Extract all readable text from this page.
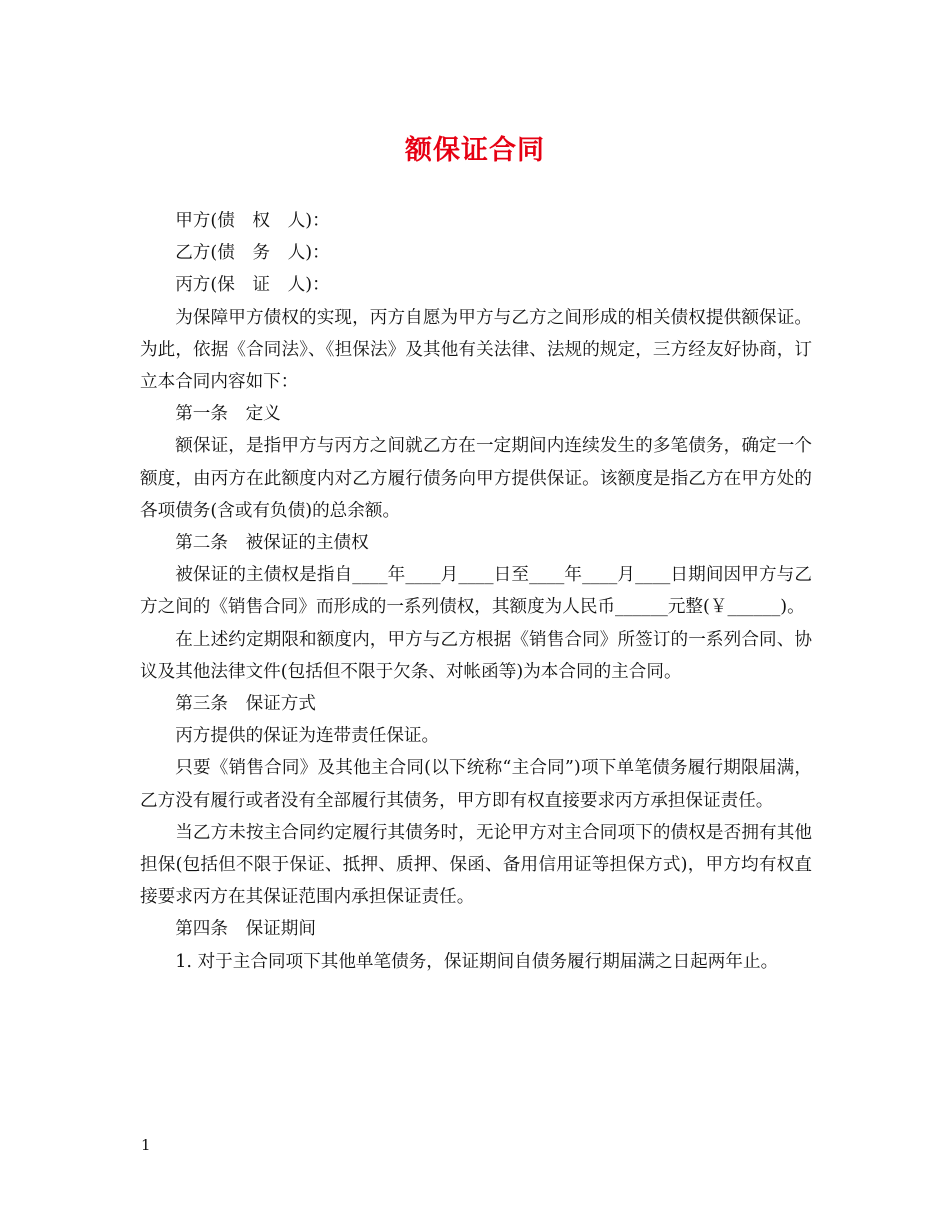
额保证合同

甲方(债　权　人)：

乙方(债　务　人)：

丙方(保　证　人)：

为保障甲方债权的实现，丙方自愿为甲方与乙方之间形成的相关债权提供额保证。为此，依据《合同法》、《担保法》及其他有关法律、法规的规定，三方经友好协商，订立本合同内容如下：

第一条　定义

额保证，是指甲方与丙方之间就乙方在一定期间内连续发生的多笔债务，确定一个额度，由丙方在此额度内对乙方履行债务向甲方提供保证。该额度是指乙方在甲方处的各项债务(含或有负债)的总余额。

第二条　被保证的主债权

被保证的主债权是指自____年____月____日至____年____月____日期间因甲方与乙方之间的《销售合同》而形成的一系列债权，其额度为人民币______元整(￥______)。

在上述约定期限和额度内，甲方与乙方根据《销售合同》所签订的一系列合同、协议及其他法律文件(包括但不限于欠条、对帐函等)为本合同的主合同。

第三条　保证方式

丙方提供的保证为连带责任保证。

只要《销售合同》及其他主合同(以下统称“主合同”)项下单笔债务履行期限届满，乙方没有履行或者没有全部履行其债务，甲方即有权直接要求丙方承担保证责任。

当乙方未按主合同约定履行其债务时，无论甲方对主合同项下的债权是否拥有其他担保(包括但不限于保证、抵押、质押、保函、备用信用证等担保方式)，甲方均有权直接要求丙方在其保证范围内承担保证责任。

第四条　保证期间

1. 对于主合同项下其他单笔债务，保证期间自债务履行期届满之日起两年止。

1
